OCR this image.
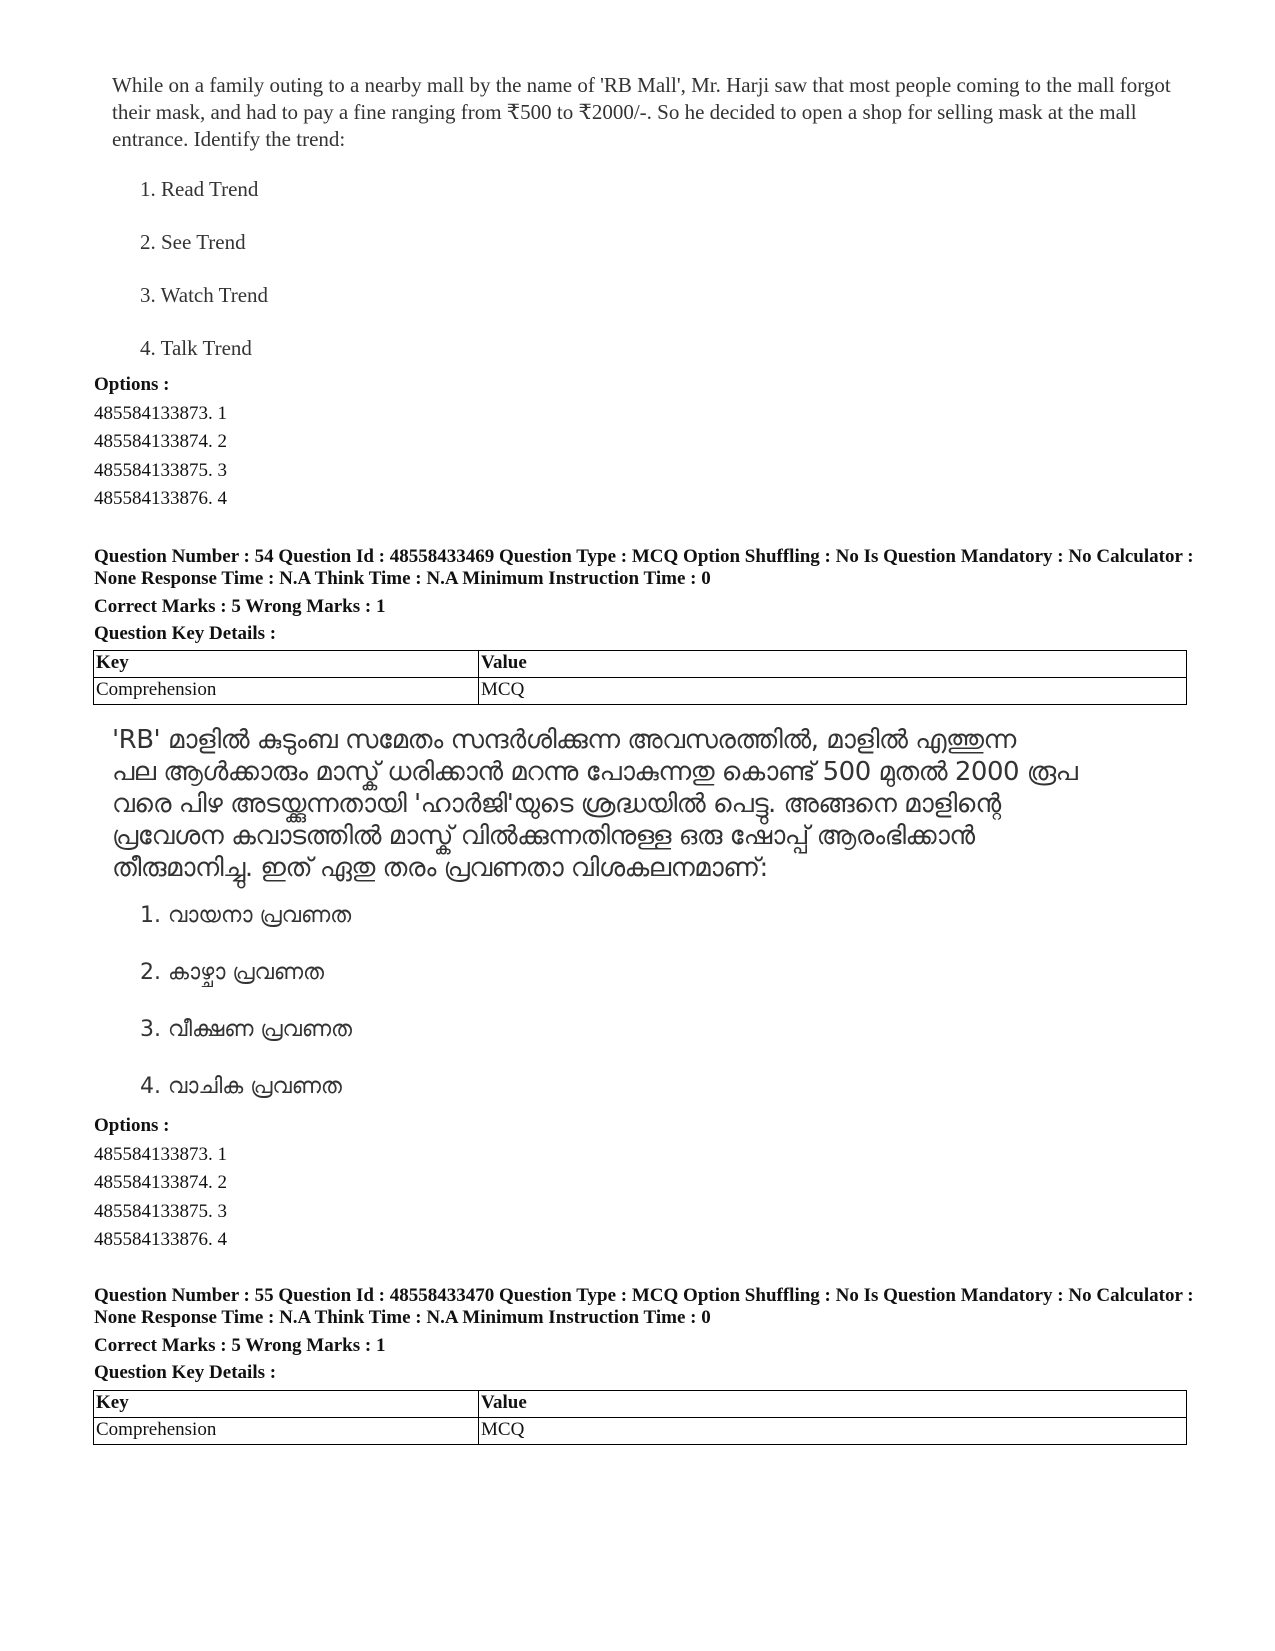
While on a family outing to a nearby mall by the name of 'RB Mall', Mr. Harji saw that most people coming to the mall forgot their mask, and had to pay a fine ranging from ₹500 to ₹2000/-. So he decided to open a shop for selling mask at the mall entrance. Identify the trend:
1. Read Trend
2. See Trend
3. Watch Trend
4. Talk Trend
Options :
485584133873. 1
485584133874. 2
485584133875. 3
485584133876. 4
Question Number : 54 Question Id : 48558433469 Question Type : MCQ Option Shuffling : No Is Question Mandatory : No Calculator : None Response Time : N.A Think Time : N.A Minimum Instruction Time : 0
Correct Marks : 5 Wrong Marks : 1
Question Key Details :
Key	Value
Comprehension	MCQ
'RB' മാളിൽ കുടുംബ സമേതം സന്ദർശിക്കുന്ന അവസരത്തിൽ, മാളിൽ എത്തുന്ന
പല ആൾക്കാരും മാസ്ക് ധരിക്കാൻ മറന്നു പോകുന്നതു കൊണ്ട് 500 മുതൽ 2000 രൂപ
വരെ പിഴ അടയ്ക്കുന്നതായി 'ഹാർജി'യുടെ ശ്രദ്ധയിൽ പെട്ടു. അങ്ങനെ മാളിന്റെ
പ്രവേശന കവാടത്തിൽ മാസ്ക് വിൽക്കുന്നതിനുള്ള ഒരു ഷോപ്പ് ആരംഭിക്കാൻ
തീരുമാനിച്ചു. ഇത് ഏതു തരം പ്രവണതാ വിശകലനമാണ്:
1. വായനാ പ്രവണത
2. കാഴ്ചാ പ്രവണത
3. വീക്ഷണ പ്രവണത
4. വാചിക പ്രവണത
Options :
485584133873. 1
485584133874. 2
485584133875. 3
485584133876. 4
Question Number : 55 Question Id : 48558433470 Question Type : MCQ Option Shuffling : No Is Question Mandatory : No Calculator : None Response Time : N.A Think Time : N.A Minimum Instruction Time : 0
Correct Marks : 5 Wrong Marks : 1
Question Key Details :
Key	Value
Comprehension	MCQ
